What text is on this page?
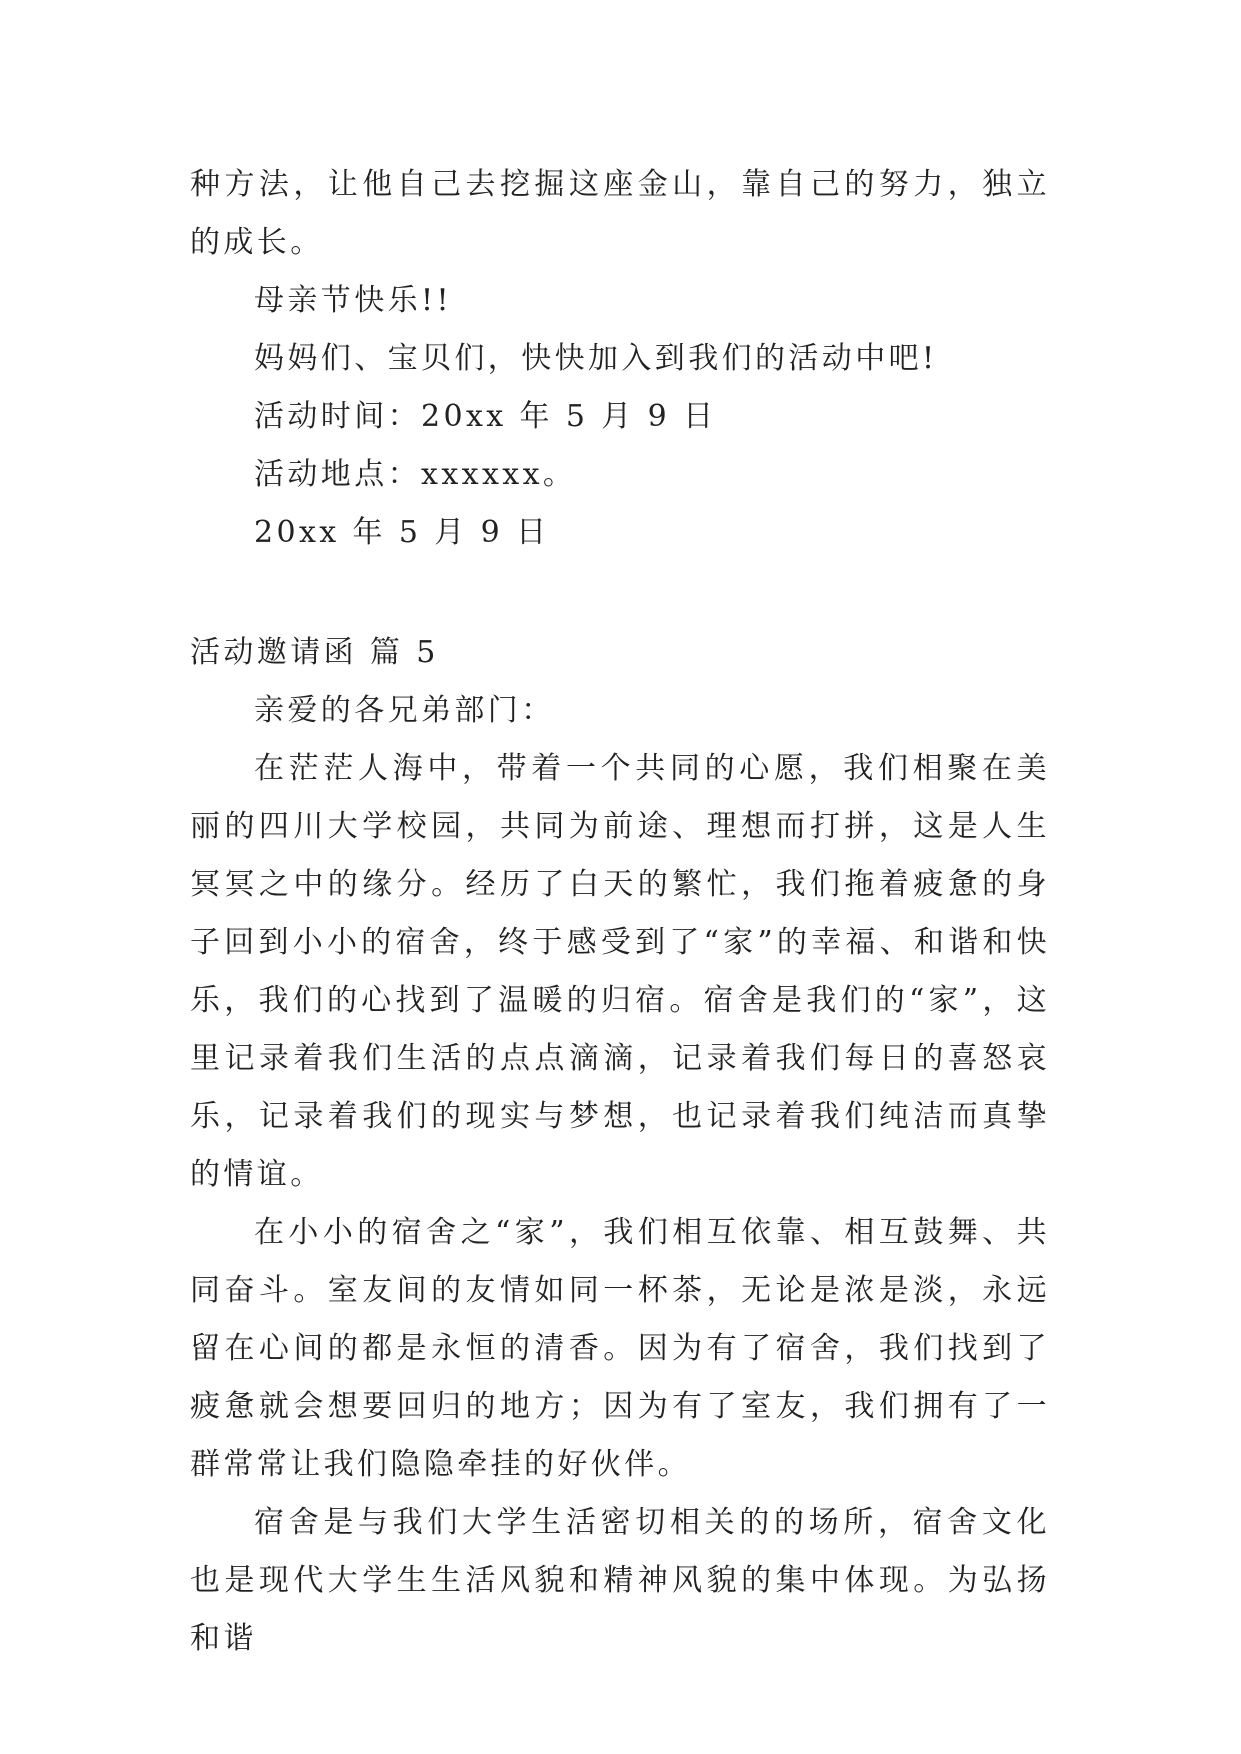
种方法，让他自己去挖掘这座金山，靠自己的努力，独立的成长。

母亲节快乐!!

妈妈们、宝贝们，快快加入到我们的活动中吧!

活动时间：20xx 年 5 月 9 日

活动地点：xxxxxx。

20xx 年 5 月 9 日

活动邀请函 篇 5

亲爱的各兄弟部门：

在茫茫人海中，带着一个共同的心愿，我们相聚在美丽的四川大学校园，共同为前途、理想而打拼，这是人生冥冥之中的缘分。经历了白天的繁忙，我们拖着疲惫的身子回到小小的宿舍，终于感受到了“家”的幸福、和谐和快乐，我们的心找到了温暖的归宿。宿舍是我们的“家”，这里记录着我们生活的点点滴滴，记录着我们每日的喜怒哀乐，记录着我们的现实与梦想，也记录着我们纯洁而真挚的情谊。

在小小的宿舍之“家”，我们相互依靠、相互鼓舞、共同奋斗。室友间的友情如同一杯茶，无论是浓是淡，永远留在心间的都是永恒的清香。因为有了宿舍，我们找到了疲惫就会想要回归的地方；因为有了室友，我们拥有了一群常常让我们隐隐牵挂的好伙伴。

宿舍是与我们大学生活密切相关的的场所，宿舍文化也是现代大学生生活风貌和精神风貌的集中体现。为弘扬和谐
